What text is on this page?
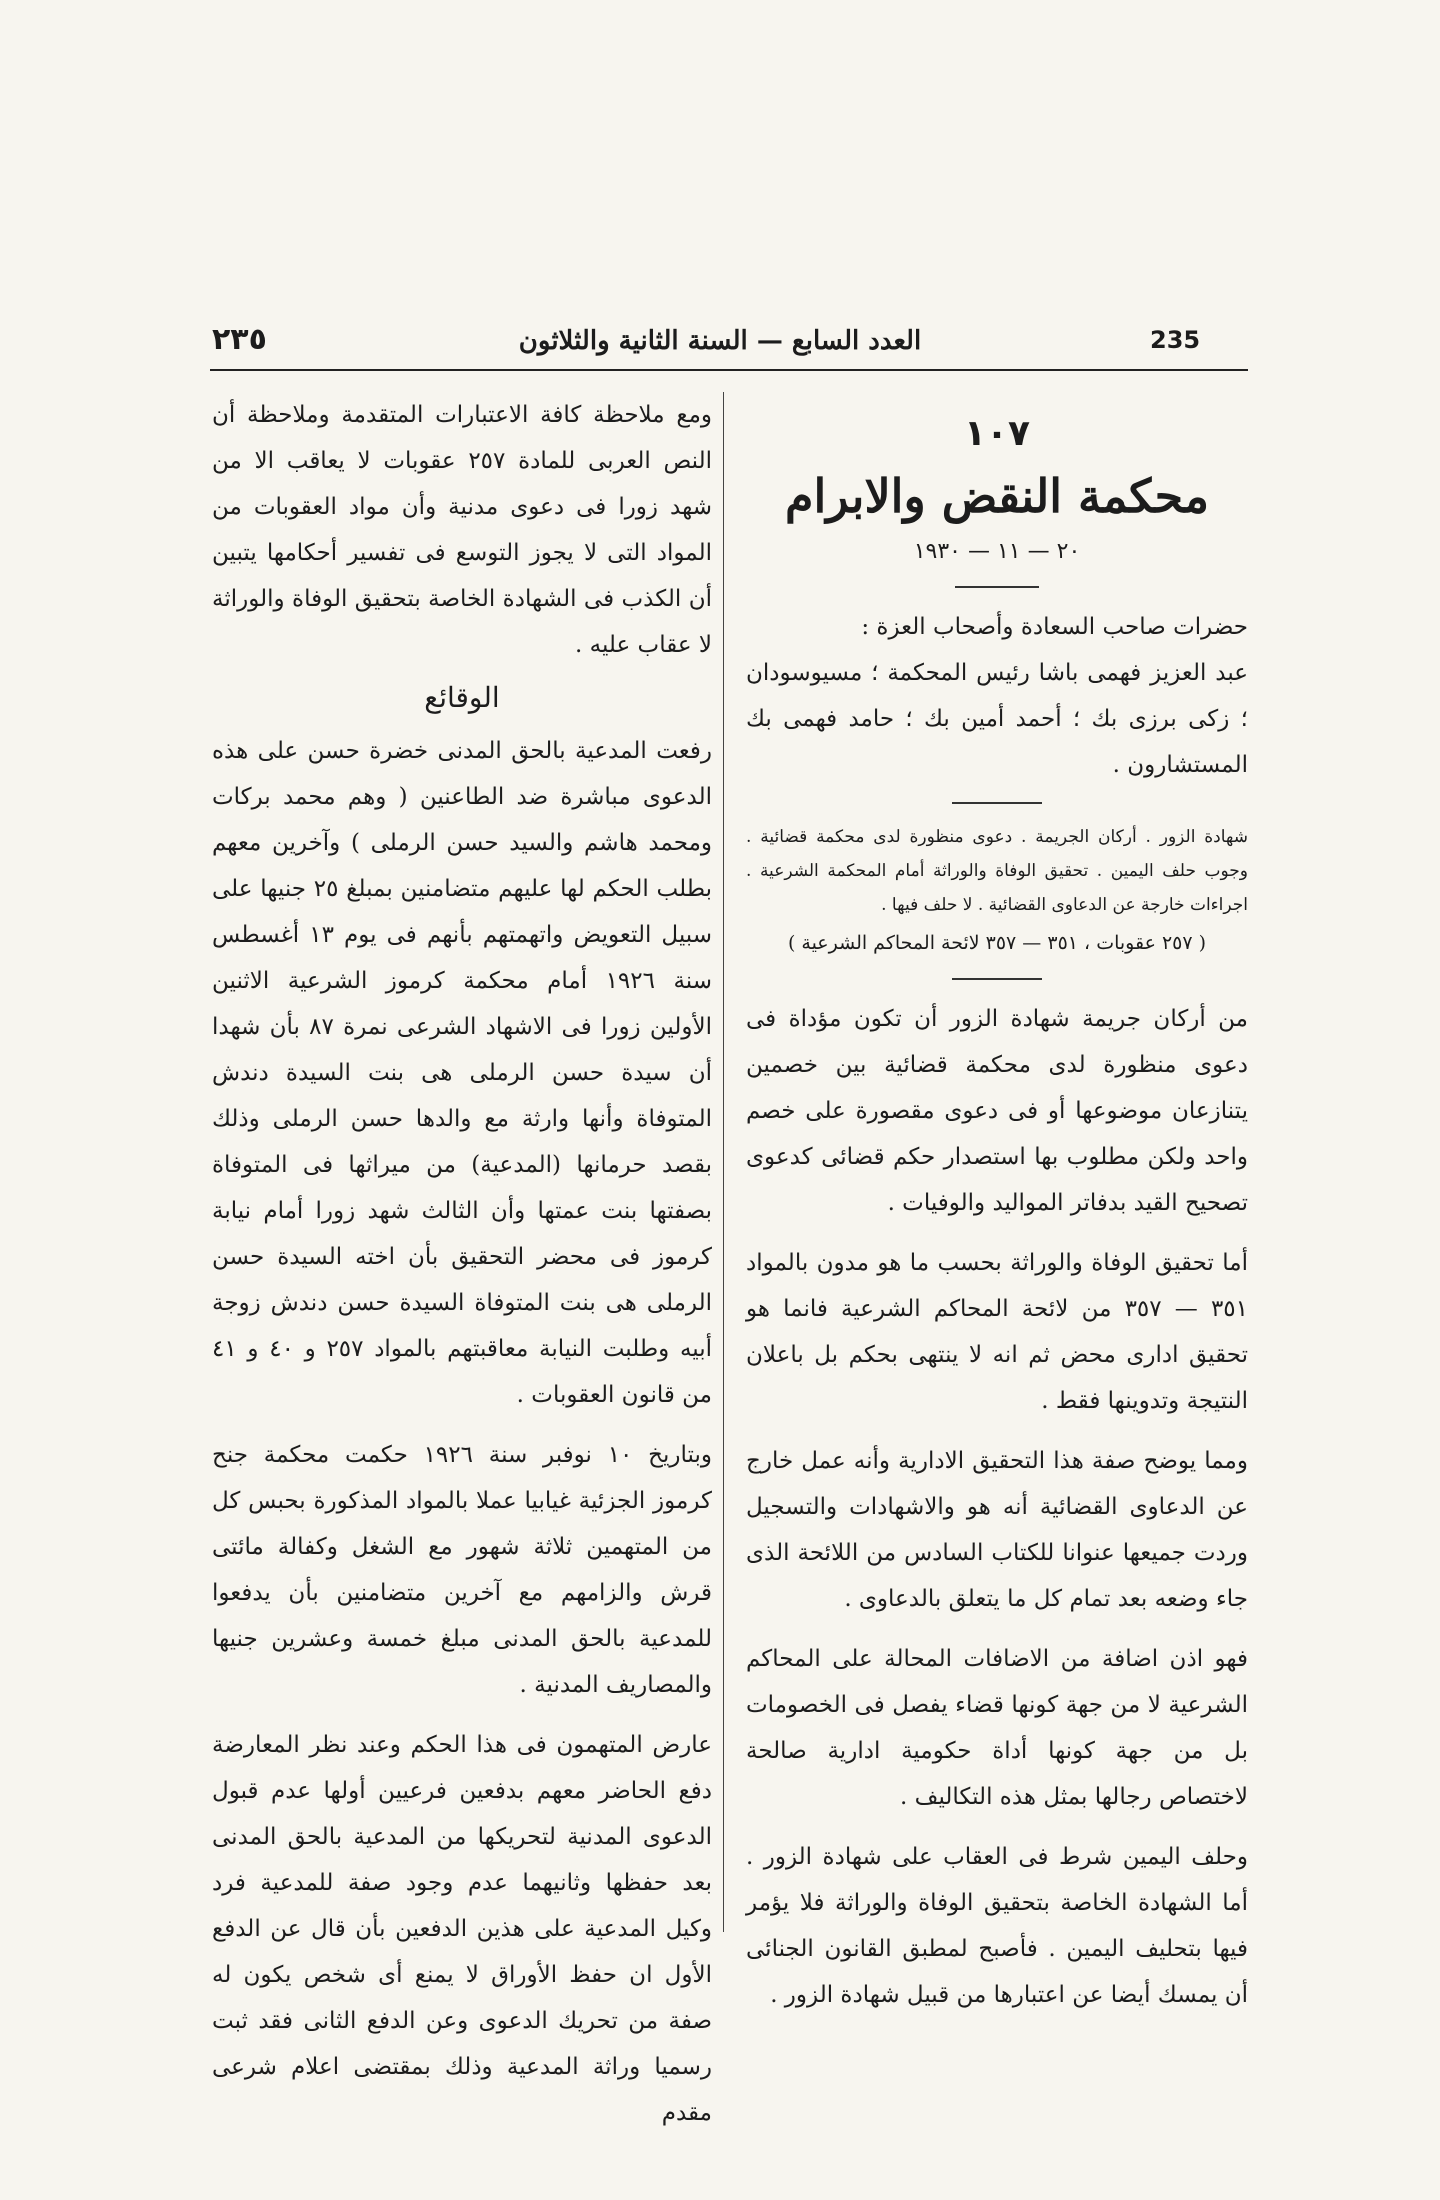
٢٣٥	العدد السابع — السنة الثانية والثلاثون	235
١٠٧
محكمة النقض والابرام
٢٠ — ١١ — ١٩٣٠

حضرات صاحب السعادة وأصحاب العزة :

عبد العزيز فهمى باشا رئيس المحكمة ؛ مسيوسودان ؛ زكى برزى بك ؛ أحمد أمين بك ؛ حامد فهمى بك المستشارون .

شهادة الزور . أركان الجريمة . دعوى منظورة لدى محكمة قضائية . وجوب حلف اليمين . تحقيق الوفاة والوراثة أمام المحكمة الشرعية . اجراءات خارجة عن الدعاوى القضائية . لا حلف فيها .

( ٢٥٧ عقوبات ، ٣٥١ — ٣٥٧ لائحة المحاكم الشرعية )

من أركان جريمة شهادة الزور أن تكون مؤداة فى دعوى منظورة لدى محكمة قضائية بين خصمين يتنازعان موضوعها أو فى دعوى مقصورة على خصم واحد ولكن مطلوب بها استصدار حكم قضائى كدعوى تصحيح القيد بدفاتر المواليد والوفيات .

أما تحقيق الوفاة والوراثة بحسب ما هو مدون بالمواد ٣٥١ — ٣٥٧ من لائحة المحاكم الشرعية فانما هو تحقيق ادارى محض ثم انه لا ينتهى بحكم بل باعلان النتيجة وتدوينها فقط .

ومما يوضح صفة هذا التحقيق الادارية وأنه عمل خارج عن الدعاوى القضائية أنه هو والاشهادات والتسجيل وردت جميعها عنوانا للكتاب السادس من اللائحة الذى جاء وضعه بعد تمام كل ما يتعلق بالدعاوى .

فهو اذن اضافة من الاضافات المحالة على المحاكم الشرعية لا من جهة كونها قضاء يفصل فى الخصومات بل من جهة كونها أداة حكومية ادارية صالحة لاختصاص رجالها بمثل هذه التكاليف .

وحلف اليمين شرط فى العقاب على شهادة الزور . أما الشهادة الخاصة بتحقيق الوفاة والوراثة فلا يؤمر فيها بتحليف اليمين . فأصبح لمطبق القانون الجنائى أن يمسك أيضا عن اعتبارها من قبيل شهادة الزور .

ومع ملاحظة كافة الاعتبارات المتقدمة وملاحظة أن النص العربى للمادة ٢٥٧ عقوبات لا يعاقب الا من شهد زورا فى دعوى مدنية وأن مواد العقوبات من المواد التى لا يجوز التوسع فى تفسير أحكامها يتبين أن الكذب فى الشهادة الخاصة بتحقيق الوفاة والوراثة لا عقاب عليه .

الوقائع

رفعت المدعية بالحق المدنى خضرة حسن على هذه الدعوى مباشرة ضد الطاعنين ( وهم محمد بركات ومحمد هاشم والسيد حسن الرملى ) وآخرين معهم بطلب الحكم لها عليهم متضامنين بمبلغ ٢٥ جنيها على سبيل التعويض واتهمتهم بأنهم فى يوم ١٣ أغسطس سنة ١٩٢٦ أمام محكمة كرموز الشرعية الاثنين الأولين زورا فى الاشهاد الشرعى نمرة ٨٧ بأن شهدا أن سيدة حسن الرملى هى بنت السيدة دندش المتوفاة وأنها وارثة مع والدها حسن الرملى وذلك بقصد حرمانها (المدعية) من ميراثها فى المتوفاة بصفتها بنت عمتها وأن الثالث شهد زورا أمام نيابة كرموز فى محضر التحقيق بأن اخته السيدة حسن الرملى هى بنت المتوفاة السيدة حسن دندش زوجة أبيه وطلبت النيابة معاقبتهم بالمواد ٢٥٧ و ٤٠ و ٤١ من قانون العقوبات .

وبتاريخ ١٠ نوفبر سنة ١٩٢٦ حكمت محكمة جنح كرموز الجزئية غيابيا عملا بالمواد المذكورة بحبس كل من المتهمين ثلاثة شهور مع الشغل وكفالة مائتى قرش والزامهم مع آخرين متضامنين بأن يدفعوا للمدعية بالحق المدنى مبلغ خمسة وعشرين جنيها والمصاريف المدنية .

عارض المتهمون فى هذا الحكم وعند نظر المعارضة دفع الحاضر معهم بدفعين فرعيين أولها عدم قبول الدعوى المدنية لتحريكها من المدعية بالحق المدنى بعد حفظها وثانيهما عدم وجود صفة للمدعية فرد وكيل المدعية على هذين الدفعين بأن قال عن الدفع الأول ان حفظ الأوراق لا يمنع أى شخص يكون له صفة من تحريك الدعوى وعن الدفع الثانى فقد ثبت رسميا وراثة المدعية وذلك بمقتضى اعلام شرعى مقدم
